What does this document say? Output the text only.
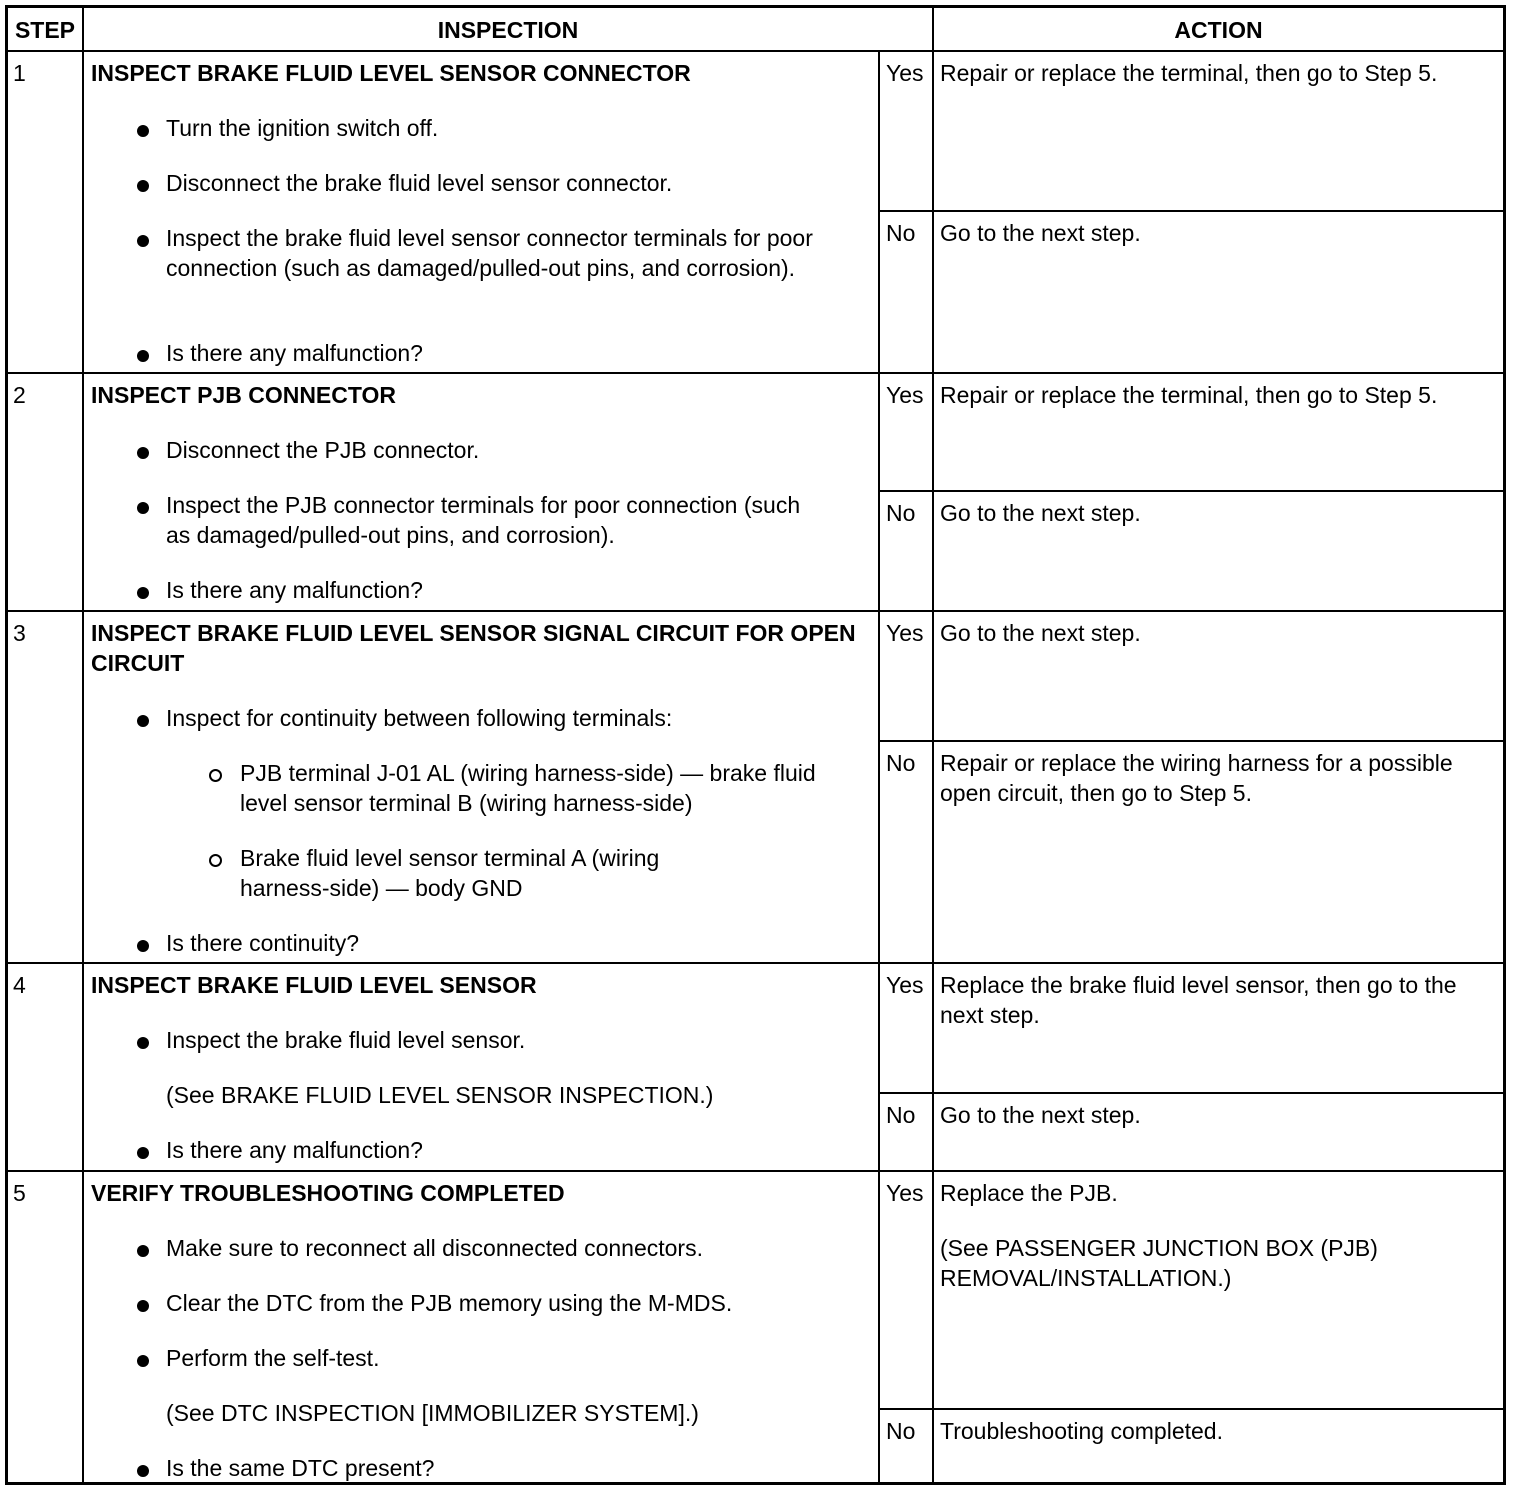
STEP	INSPECTION	ACTION
1	INSPECT BRAKE FLUID LEVEL SENSOR CONNECTOR
Turn the ignition switch off.
Disconnect the brake fluid level sensor connector.
Inspect the brake fluid level sensor connector terminals for poor connection (such as damaged/pulled-out pins, and corrosion).
Is there any malfunction?
Yes Repair or replace the terminal, then go to Step 5.
No Go to the next step.
2	INSPECT PJB CONNECTOR
Disconnect the PJB connector.
Inspect the PJB connector terminals for poor connection (such as damaged/pulled-out pins, and corrosion).
Is there any malfunction?
Yes Repair or replace the terminal, then go to Step 5.
No Go to the next step.
3	INSPECT BRAKE FLUID LEVEL SENSOR SIGNAL CIRCUIT FOR OPEN CIRCUIT
Inspect for continuity between following terminals:
PJB terminal J-01 AL (wiring harness-side) — brake fluid level sensor terminal B (wiring harness-side)
Brake fluid level sensor terminal A (wiring harness-side) — body GND
Is there continuity?
Yes Go to the next step.
No Repair or replace the wiring harness for a possible open circuit, then go to Step 5.
4	INSPECT BRAKE FLUID LEVEL SENSOR
Inspect the brake fluid level sensor.
(See BRAKE FLUID LEVEL SENSOR INSPECTION.)
Is there any malfunction?
Yes Replace the brake fluid level sensor, then go to the next step.
No Go to the next step.
5	VERIFY TROUBLESHOOTING COMPLETED
Make sure to reconnect all disconnected connectors.
Clear the DTC from the PJB memory using the M-MDS.
Perform the self-test.
(See DTC INSPECTION [IMMOBILIZER SYSTEM].)
Is the same DTC present?
Yes Replace the PJB.
(See PASSENGER JUNCTION BOX (PJB) REMOVAL/INSTALLATION.)
No Troubleshooting completed.
